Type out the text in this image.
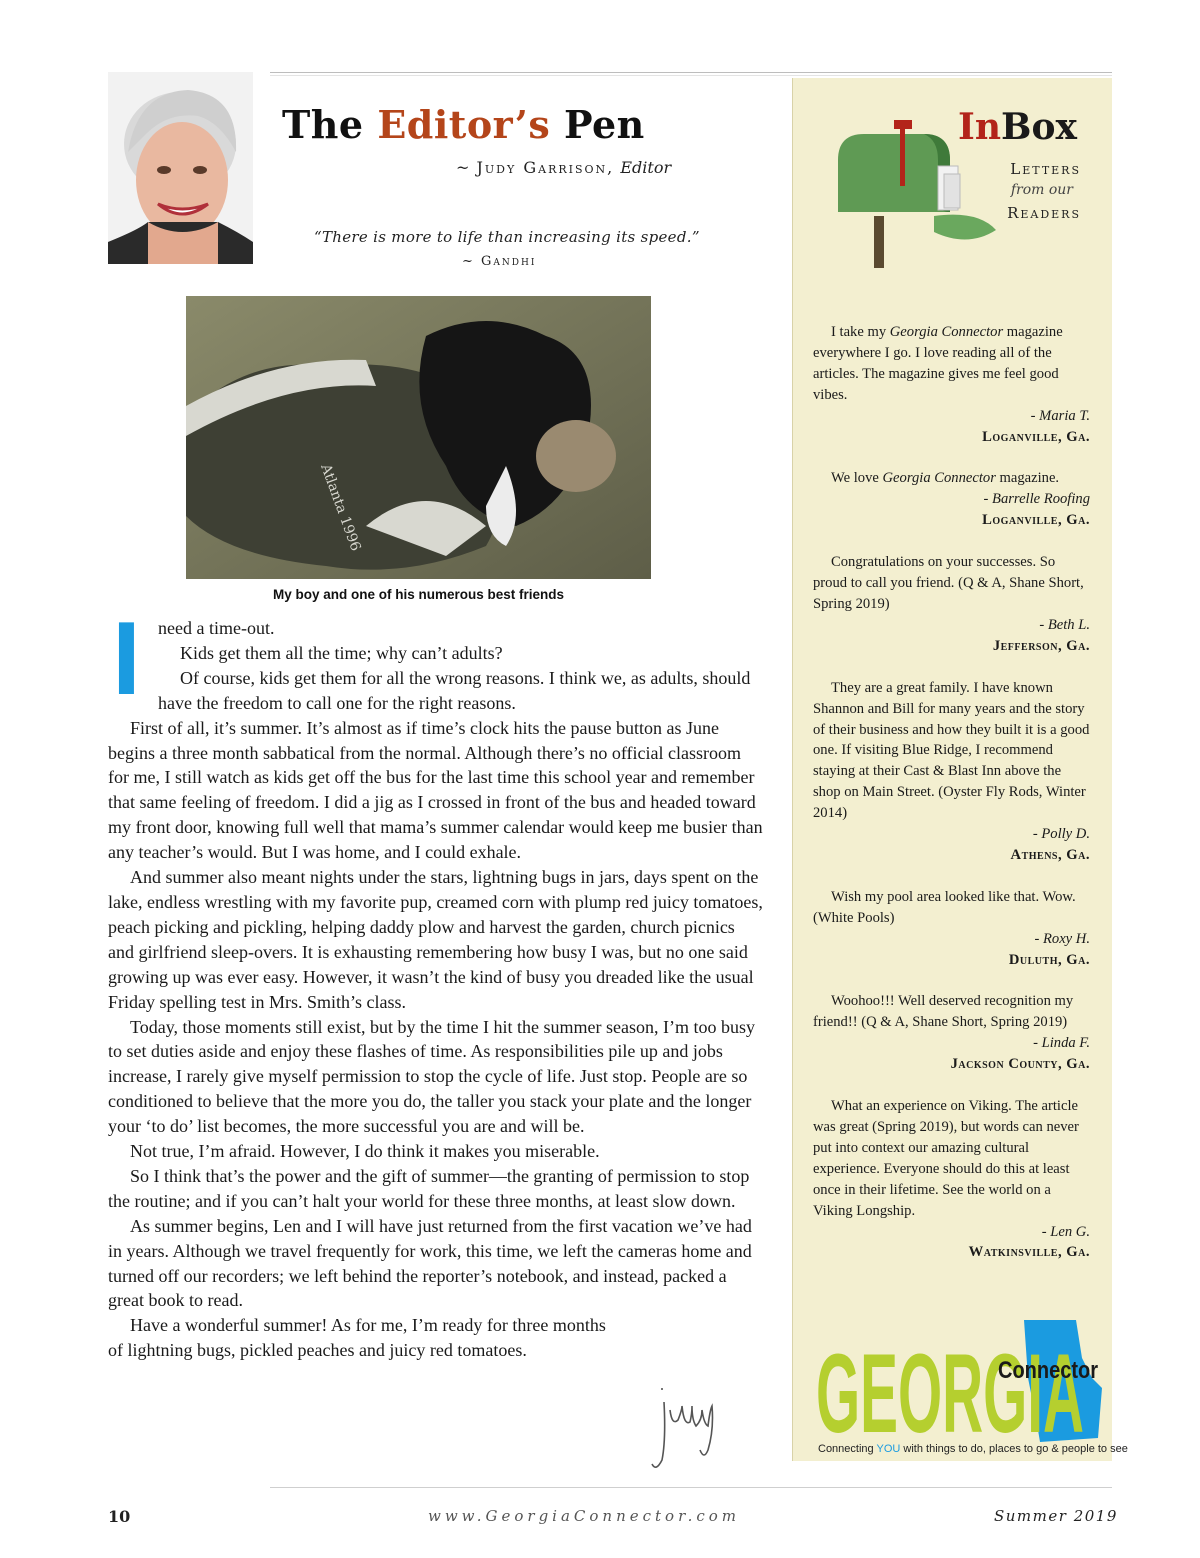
The Editor’s Pen
~ Judy Garrison, Editor
“There is more to life than increasing its speed.”
~ Gandhi
Atlanta 1996
My boy and one of his numerous best friends
I need a time-out.

Kids get them all the time; why can’t adults?

Of course, kids get them for all the wrong reasons. I think we, as adults, should have the freedom to call one for the right reasons.

First of all, it’s summer. It’s almost as if time’s clock hits the pause button as June begins a three month sabbatical from the normal. Although there’s no official classroom for me, I still watch as kids get off the bus for the last time this school year and remember that same feeling of freedom. I did a jig as I crossed in front of the bus and headed toward my front door, knowing full well that mama’s summer calendar would keep me busier than any teacher’s would. But I was home, and I could exhale.

And summer also meant nights under the stars, lightning bugs in jars, days spent on the lake, endless wrestling with my favorite pup, creamed corn with plump red juicy tomatoes, peach picking and pickling, helping daddy plow and harvest the garden, church picnics and girlfriend sleep-overs. It is exhausting remembering how busy I was, but no one said growing up was ever easy. However, it wasn’t the kind of busy you dreaded like the usual Friday spelling test in Mrs. Smith’s class.

Today, those moments still exist, but by the time I hit the summer season, I’m too busy to set duties aside and enjoy these flashes of time. As responsibilities pile up and jobs increase, I rarely give myself permission to stop the cycle of life. Just stop. People are so conditioned to believe that the more you do, the taller you stack your plate and the longer your ‘to do’ list becomes, the more successful you are and will be.

Not true, I’m afraid. However, I do think it makes you miserable.

So I think that’s the power and the gift of summer—the granting of permission to stop the routine; and if you can’t halt your world for these three months, at least slow down.

As summer begins, Len and I will have just returned from the first vacation we’ve had in years. Although we travel frequently for work, this time, we left the cameras home and turned off our recorders; we left behind the reporter’s notebook, and instead, packed a great book to read.

Have a wonderful summer! As for me, I’m ready for three months of lightning bugs, pickled peaches and juicy red tomatoes.

10	www.GeorgiaConnector.com	Summer 2019
InBox
Letters
from our
Readers
I take my Georgia Connector magazine everywhere I go. I love reading all of the articles. The magazine gives me feel good vibes.
- Maria T.
Loganville, Ga.
We love Georgia Connector magazine.
- Barrelle Roofing
Loganville, Ga.
Congratulations on your successes. So proud to call you friend. (Q & A, Shane Short, Spring 2019)
- Beth L.
Jefferson, Ga.
They are a great family. I have known Shannon and Bill for many years and the story of their business and how they built it is a good one. If visiting Blue Ridge, I recommend staying at their Cast & Blast Inn above the shop on Main Street. (Oyster Fly Rods, Winter 2014)
- Polly D.
Athens, Ga.
Wish my pool area looked like that. Wow. (White Pools)
- Roxy H.
Duluth, Ga.
Woohoo!!! Well deserved recognition my friend!! (Q & A, Shane Short, Spring 2019)
- Linda F.
Jackson County, Ga.
What an experience on Viking. The article was great (Spring 2019), but words can never put into context our amazing cultural experience. Everyone should do this at least once in their lifetime. See the world on a Viking Longship.
- Len G.
Watkinsville, Ga.
GEORGIA
Connector
Connecting YOU with things to do, places to go & people to see
